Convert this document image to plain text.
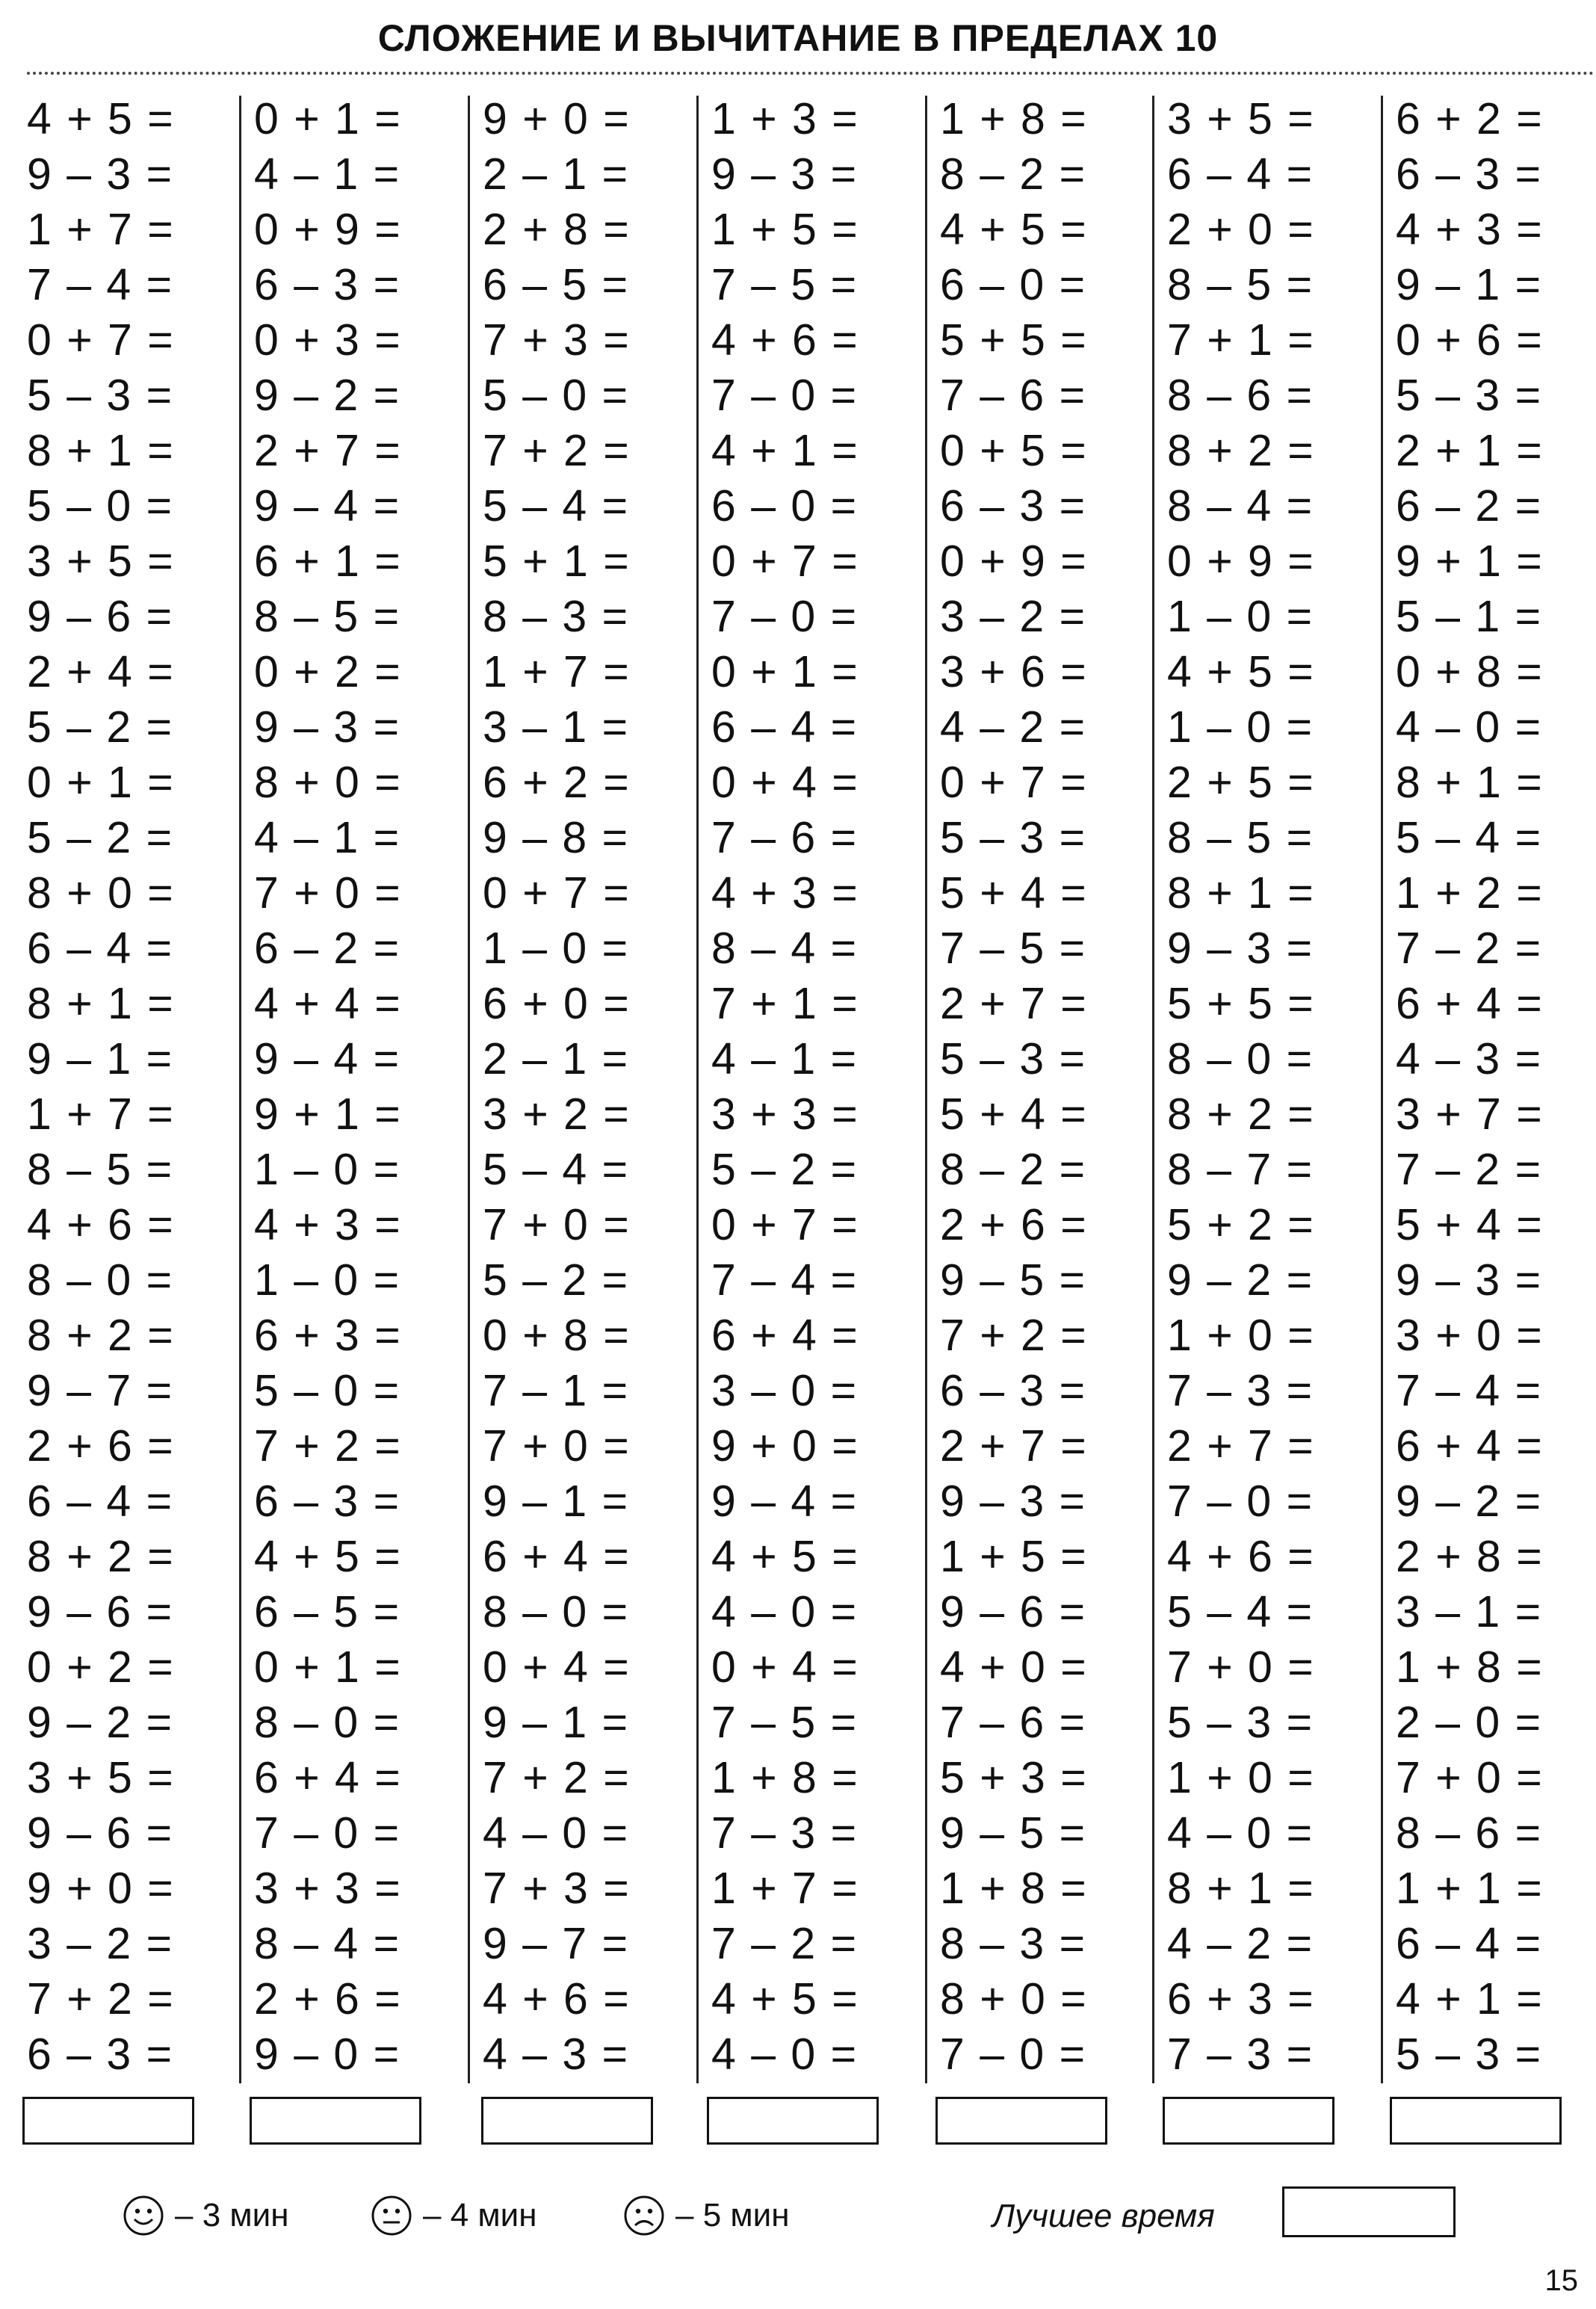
СЛОЖЕНИЕ И ВЫЧИТАНИЕ В ПРЕДЕЛАХ 10
4 + 5 =
9 – 3 =
1 + 7 =
7 – 4 =
0 + 7 =
5 – 3 =
8 + 1 =
5 – 0 =
3 + 5 =
9 – 6 =
2 + 4 =
5 – 2 =
0 + 1 =
5 – 2 =
8 + 0 =
6 – 4 =
8 + 1 =
9 – 1 =
1 + 7 =
8 – 5 =
4 + 6 =
8 – 0 =
8 + 2 =
9 – 7 =
2 + 6 =
6 – 4 =
8 + 2 =
9 – 6 =
0 + 2 =
9 – 2 =
3 + 5 =
9 – 6 =
9 + 0 =
3 – 2 =
7 + 2 =
6 – 3 =
0 + 1 =
4 – 1 =
0 + 9 =
6 – 3 =
0 + 3 =
9 – 2 =
2 + 7 =
9 – 4 =
6 + 1 =
8 – 5 =
0 + 2 =
9 – 3 =
8 + 0 =
4 – 1 =
7 + 0 =
6 – 2 =
4 + 4 =
9 – 4 =
9 + 1 =
1 – 0 =
4 + 3 =
1 – 0 =
6 + 3 =
5 – 0 =
7 + 2 =
6 – 3 =
4 + 5 =
6 – 5 =
0 + 1 =
8 – 0 =
6 + 4 =
7 – 0 =
3 + 3 =
8 – 4 =
2 + 6 =
9 – 0 =
9 + 0 =
2 – 1 =
2 + 8 =
6 – 5 =
7 + 3 =
5 – 0 =
7 + 2 =
5 – 4 =
5 + 1 =
8 – 3 =
1 + 7 =
3 – 1 =
6 + 2 =
9 – 8 =
0 + 7 =
1 – 0 =
6 + 0 =
2 – 1 =
3 + 2 =
5 – 4 =
7 + 0 =
5 – 2 =
0 + 8 =
7 – 1 =
7 + 0 =
9 – 1 =
6 + 4 =
8 – 0 =
0 + 4 =
9 – 1 =
7 + 2 =
4 – 0 =
7 + 3 =
9 – 7 =
4 + 6 =
4 – 3 =
1 + 3 =
9 – 3 =
1 + 5 =
7 – 5 =
4 + 6 =
7 – 0 =
4 + 1 =
6 – 0 =
0 + 7 =
7 – 0 =
0 + 1 =
6 – 4 =
0 + 4 =
7 – 6 =
4 + 3 =
8 – 4 =
7 + 1 =
4 – 1 =
3 + 3 =
5 – 2 =
0 + 7 =
7 – 4 =
6 + 4 =
3 – 0 =
9 + 0 =
9 – 4 =
4 + 5 =
4 – 0 =
0 + 4 =
7 – 5 =
1 + 8 =
7 – 3 =
1 + 7 =
7 – 2 =
4 + 5 =
4 – 0 =
1 + 8 =
8 – 2 =
4 + 5 =
6 – 0 =
5 + 5 =
7 – 6 =
0 + 5 =
6 – 3 =
0 + 9 =
3 – 2 =
3 + 6 =
4 – 2 =
0 + 7 =
5 – 3 =
5 + 4 =
7 – 5 =
2 + 7 =
5 – 3 =
5 + 4 =
8 – 2 =
2 + 6 =
9 – 5 =
7 + 2 =
6 – 3 =
2 + 7 =
9 – 3 =
1 + 5 =
9 – 6 =
4 + 0 =
7 – 6 =
5 + 3 =
9 – 5 =
1 + 8 =
8 – 3 =
8 + 0 =
7 – 0 =
3 + 5 =
6 – 4 =
2 + 0 =
8 – 5 =
7 + 1 =
8 – 6 =
8 + 2 =
8 – 4 =
0 + 9 =
1 – 0 =
4 + 5 =
1 – 0 =
2 + 5 =
8 – 5 =
8 + 1 =
9 – 3 =
5 + 5 =
8 – 0 =
8 + 2 =
8 – 7 =
5 + 2 =
9 – 2 =
1 + 0 =
7 – 3 =
2 + 7 =
7 – 0 =
4 + 6 =
5 – 4 =
7 + 0 =
5 – 3 =
1 + 0 =
4 – 0 =
8 + 1 =
4 – 2 =
6 + 3 =
7 – 3 =
6 + 2 =
6 – 3 =
4 + 3 =
9 – 1 =
0 + 6 =
5 – 3 =
2 + 1 =
6 – 2 =
9 + 1 =
5 – 1 =
0 + 8 =
4 – 0 =
8 + 1 =
5 – 4 =
1 + 2 =
7 – 2 =
6 + 4 =
4 – 3 =
3 + 7 =
7 – 2 =
5 + 4 =
9 – 3 =
3 + 0 =
7 – 4 =
6 + 4 =
9 – 2 =
2 + 8 =
3 – 1 =
1 + 8 =
2 – 0 =
7 + 0 =
8 – 6 =
1 + 1 =
6 – 4 =
4 + 1 =
5 – 3 =
– 3 мин	– 4 мин	– 5 мин	Лучшее время
15
